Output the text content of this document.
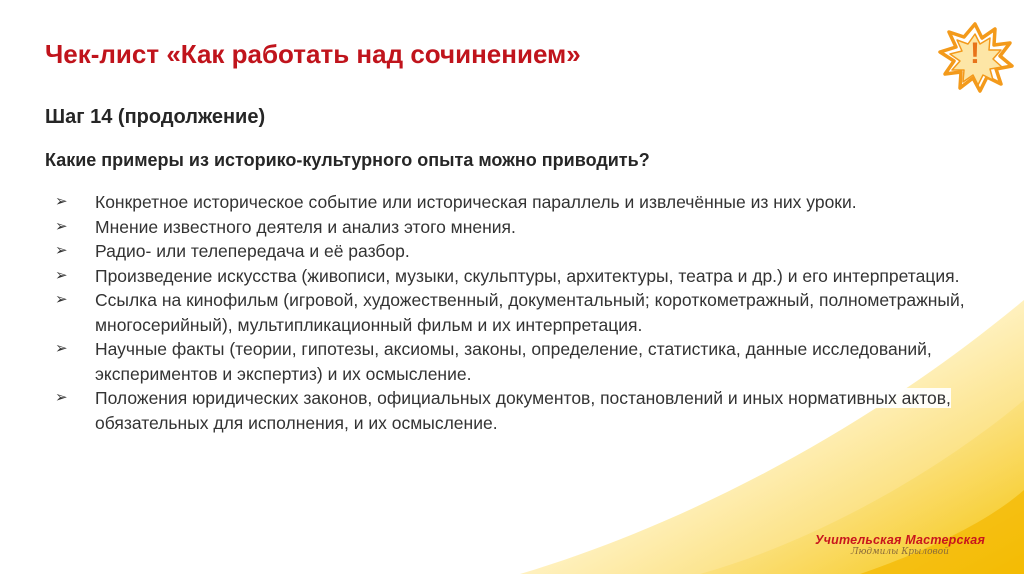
Чек-лист «Как работать над сочинением»	!
Шаг 14 (продолжение)
Какие примеры из историко-культурного опыта можно приводить?
➢ Конкретное историческое событие или историческая параллель и извлечённые из них уроки.
➢ Мнение известного деятеля и анализ этого мнения.
➢ Радио- или телепередача и её разбор.
➢ Произведение искусства (живописи, музыки, скульптуры, архитектуры, театра и др.) и его интерпретация.
➢ Ссылка на кинофильм (игровой, художественный, документальный; короткометражный, полнометражный, многосерийный), мультипликационный фильм и их интерпретация.
➢ Научные факты (теории, гипотезы, аксиомы, законы, определение, статистика, данные исследований, экспериментов и экспертиз) и их осмысление.
➢ Положения юридических законов, официальных документов, постановлений и иных нормативных актов, обязательных для исполнения, и их осмысление.
Учительская Мастерская
Людмилы Крыловой
